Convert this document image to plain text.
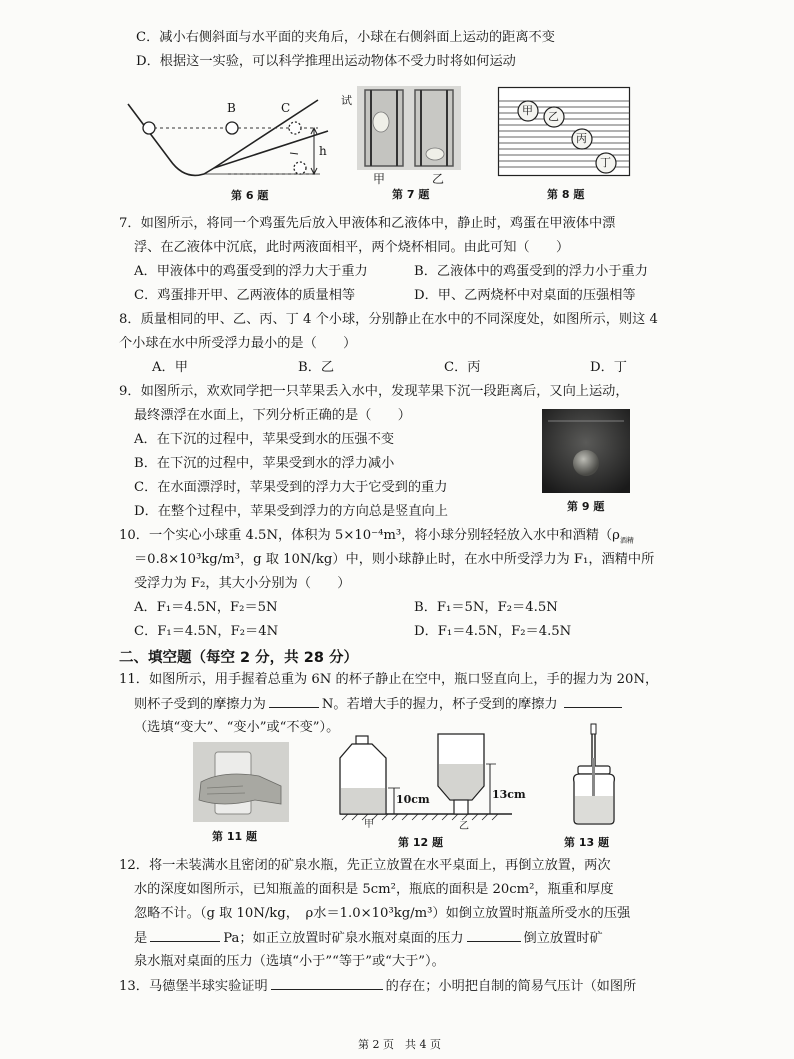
C．减小右侧斜面与水平面的夹角后，小球在右侧斜面上运动的距离不变
D．根据这一实验，可以科学推理出运动物体不受力时将如何运动
B	C
h
第 6 题
试
甲	乙
第 7 题
甲 乙
丙
丁
第 8 题
7．如图所示，将同一个鸡蛋先后放入甲液体和乙液体中，静止时，鸡蛋在甲液体中漂
浮、在乙液体中沉底，此时两液面相平，两个烧杯相同。由此可知（　　）
A．甲液体中的鸡蛋受到的浮力大于重力	B．乙液体中的鸡蛋受到的浮力小于重力
C．鸡蛋排开甲、乙两液体的质量相等	D．甲、乙两烧杯中对桌面的压强相等
8．质量相同的甲、乙、丙、丁 4 个小球，分别静止在水中的不同深度处，如图所示，则这 4
个小球在水中所受浮力最小的是（　　）
A．甲	B．乙	C．丙	D．丁
9．如图所示，欢欢同学把一只苹果丢入水中，发现苹果下沉一段距离后，又向上运动，
最终漂浮在水面上，下列分析正确的是（　　）
A．在下沉的过程中，苹果受到水的压强不变
B．在下沉的过程中，苹果受到水的浮力减小
C．在水面漂浮时，苹果受到的浮力大于它受到的重力
D．在整个过程中，苹果受到浮力的方向总是竖直向上	第 9 题
10．一个实心小球重 4.5N，体积为 5×10⁻⁴m³，将小球分别轻轻放入水中和酒精（$\rho_{酒精}$
＝0.8×10³kg/m³，g 取 10N/kg）中，则小球静止时，在水中所受浮力为 F₁，酒精中所
受浮力为 F₂，其大小分别为（　　）
A．F₁＝4.5N，F₂＝5N	B．F₁＝5N，F₂＝4.5N
C．F₁＝4.5N，F₂＝4N	D．F₁＝4.5N，F₂＝4.5N
二、填空题（每空 2 分，共 28 分）
11．如图所示，用手握着总重为 6N 的杯子静止在空中，瓶口竖直向上，手的握力为 20N，
则杯子受到的摩擦力为	N。若增大手的握力，杯子受到的摩擦力
（选填“变大”、“变小”或“不变”）。
第 11 题
10cm	13cm
甲	乙
第 12 题	第 13 题
12．将一未装满水且密闭的矿泉水瓶，先正立放置在水平桌面上，再倒立放置，两次
水的深度如图所示，已知瓶盖的面积是 5cm²，瓶底的面积是 20cm²，瓶重和厚度
忽略不计。（g 取 10N/kg，　ρ水＝1.0×10³kg/m³）如倒立放置时瓶盖所受水的压强
是	Pa；如正立放置时矿泉水瓶对桌面的压力	倒立放置时矿
泉水瓶对桌面的压力（选填“小于”“等于”或“大于”）。
13．马德堡半球实验证明	的存在；小明把自制的简易气压计（如图所
第 2 页　共 4 页
